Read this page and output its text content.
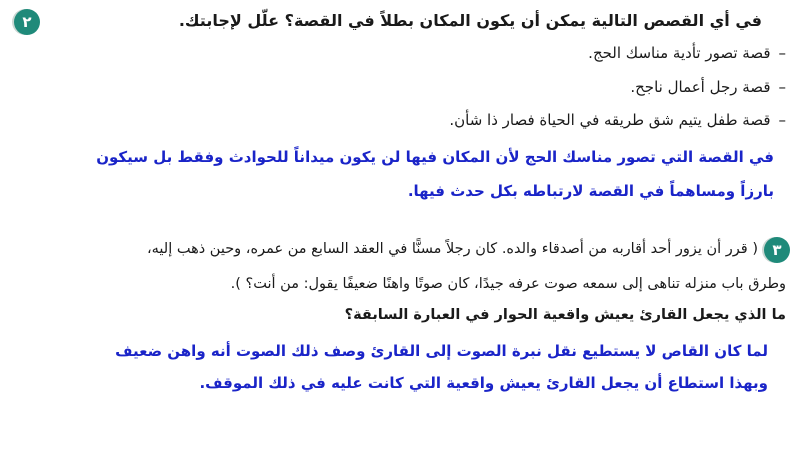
٢	في أي القصص التالية يمكن أن يكون المكان بطلاً في القصة؟ علّل لإجابتك.
–قصة تصور تأدية مناسك الحج.
–قصة رجل أعمال ناجح.
–قصة طفل يتيم شق طريقه في الحياة فصار ذا شأن.
في القصة التي تصور مناسك الحج لأن المكان فيها لن يكون ميداناً للحوادث وفقط بل سيكون
بارزاً ومساهماً في القصة لارتباطه بكل حدث فيها.
٣
( قرر أن يزور أحد أقاربه من أصدقاء والده. كان رجلاً مسنًّا في العقد السابع من عمره، وحين ذهب إليه،
وطرق باب منزله تناهى إلى سمعه صوت عرفه جيدًا، كان صوتًا واهنًا ضعيفًا يقول: من أنت؟ ).
ما الذي يجعل القارئ يعيش واقعية الحوار في العبارة السابقة؟
لما كان القاص لا يستطيع نقل نبرة الصوت إلى القارئ وصف ذلك الصوت أنه واهن ضعيف
وبهذا استطاع أن يجعل القارئ يعيش واقعية التي كانت عليه في ذلك الموقف.
